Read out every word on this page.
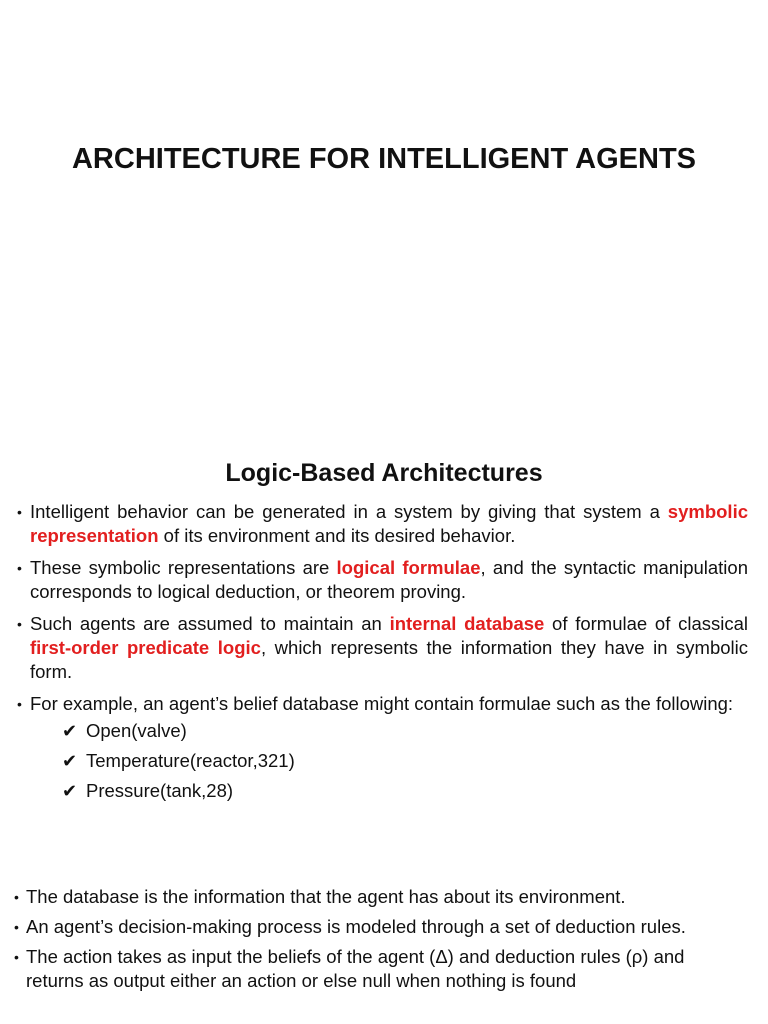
ARCHITECTURE FOR INTELLIGENT AGENTS
Logic-Based Architectures
• Intelligent behavior can be generated in a system by giving that system a symbolic representation of its environment and its desired behavior.
• These symbolic representations are logical formulae, and the syntactic manipulation corresponds to logical deduction, or theorem proving.
• Such agents are assumed to maintain an internal database of formulae of classical first-order predicate logic, which represents the information they have in symbolic form.
• For example, an agent’s belief database might contain formulae such as the following:
✔ Open(valve)
✔ Temperature(reactor,321)
✔ Pressure(tank,28)
• The database is the information that the agent has about its environment.
• An agent’s decision-making process is modeled through a set of deduction rules.
• The action takes as input the beliefs of the agent (Δ) and deduction rules (ρ) and returns as output either an action or else null when nothing is found
